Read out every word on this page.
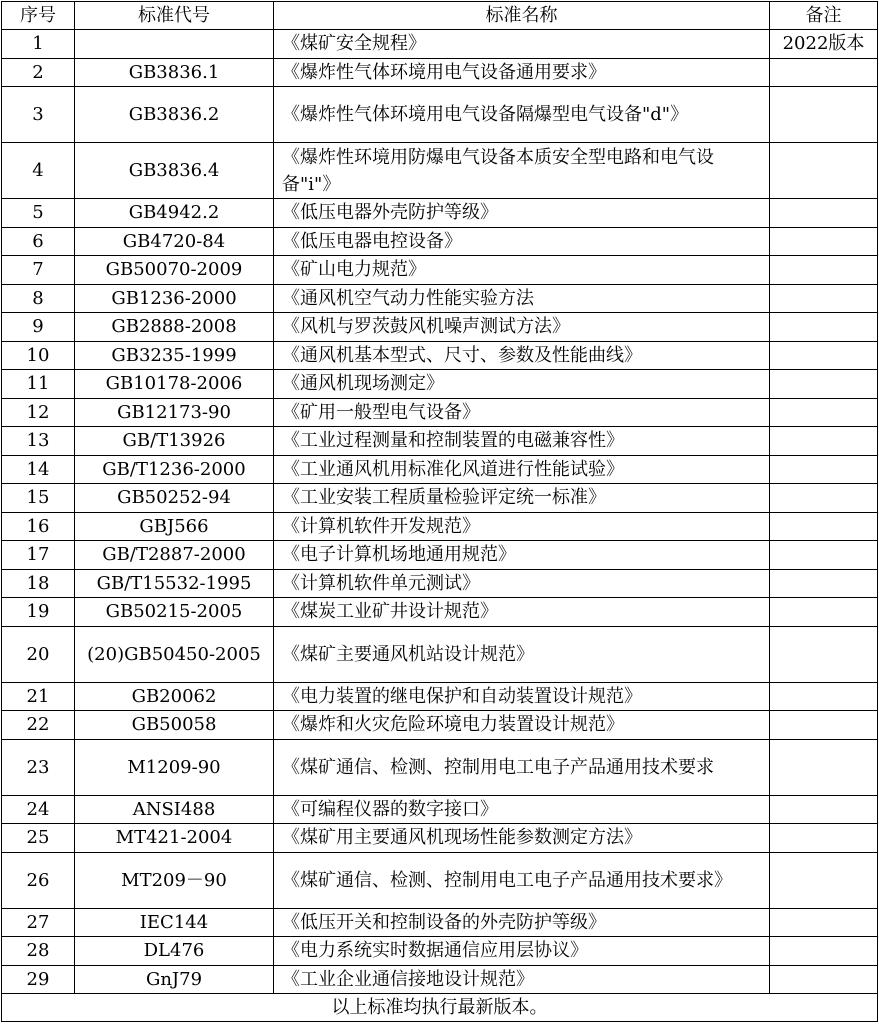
序号	标准代号	标准名称	备注
1		《煤矿安全规程》	2022版本
2	GB3836.1	《爆炸性气体环境用电气设备通用要求》	
3	GB3836.2	《爆炸性气体环境用电气设备隔爆型电气设备"d"》	
4	GB3836.4	《爆炸性环境用防爆电气设备本质安全型电路和电气设备"i"》	
5	GB4942.2	《低压电器外壳防护等级》	
6	GB4720-84	《低压电器电控设备》	
7	GB50070-2009	《矿山电力规范》	
8	GB1236-2000	《通风机空气动力性能实验方法	
9	GB2888-2008	《风机与罗茨鼓风机噪声测试方法》	
10	GB3235-1999	《通风机基本型式、尺寸、参数及性能曲线》	
11	GB10178-2006	《通风机现场测定》	
12	GB12173-90	《矿用一般型电气设备》	
13	GB/T13926	《工业过程测量和控制装置的电磁兼容性》	
14	GB/T1236-2000	《工业通风机用标准化风道进行性能试验》	
15	GB50252-94	《工业安装工程质量检验评定统一标准》	
16	GBJ566	《计算机软件开发规范》	
17	GB/T2887-2000	《电子计算机场地通用规范》	
18	GB/T15532-1995	《计算机软件单元测试》	
19	GB50215-2005	《煤炭工业矿井设计规范》	
20	(20)GB50450-2005	《煤矿主要通风机站设计规范》	
21	GB20062	《电力装置的继电保护和自动装置设计规范》	
22	GB50058	《爆炸和火灾危险环境电力装置设计规范》	
23	M1209-90	《煤矿通信、检测、控制用电工电子产品通用技术要求	
24	ANSI488	《可编程仪器的数字接口》	
25	MT421-2004	《煤矿用主要通风机现场性能参数测定方法》	
26	MT209－90	《煤矿通信、检测、控制用电工电子产品通用技术要求》	
27	IEC144	《低压开关和控制设备的外壳防护等级》	
28	DL476	《电力系统实时数据通信应用层协议》	
29	GnJ79	《工业企业通信接地设计规范》	
以上标准均执行最新版本。			
